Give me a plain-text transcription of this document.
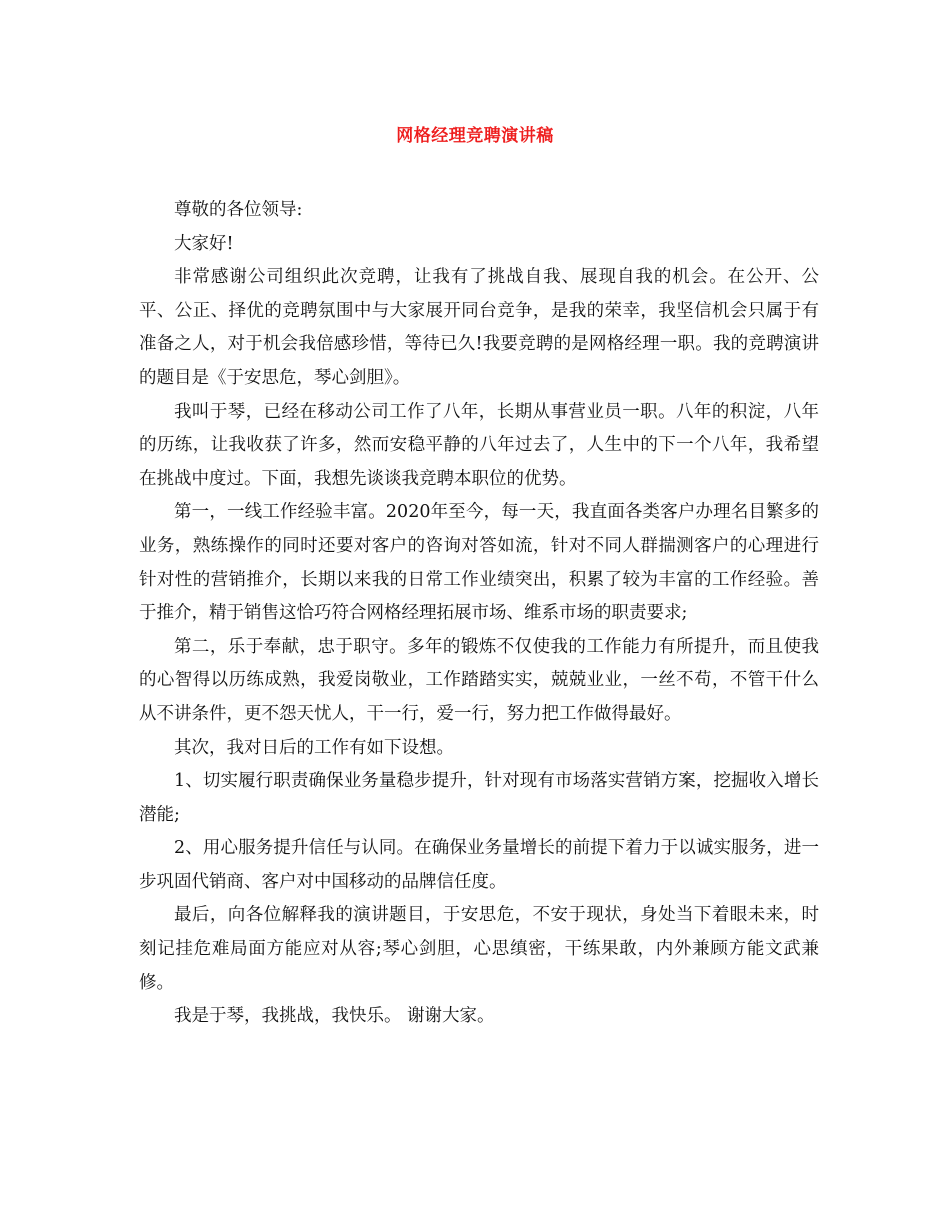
网格经理竞聘演讲稿

尊敬的各位领导:

大家好!

非常感谢公司组织此次竞聘，让我有了挑战自我、展现自我的机会。在公开、公平、公正、择优的竞聘氛围中与大家展开同台竞争，是我的荣幸，我坚信机会只属于有准备之人，对于机会我倍感珍惜，等待已久!我要竞聘的是网格经理一职。我的竞聘演讲的题目是《于安思危，琴心剑胆》。

我叫于琴，已经在移动公司工作了八年，长期从事营业员一职。八年的积淀，八年的历练，让我收获了许多，然而安稳平静的八年过去了，人生中的下一个八年，我希望在挑战中度过。下面，我想先谈谈我竞聘本职位的优势。

第一，一线工作经验丰富。2020年至今，每一天，我直面各类客户办理名目繁多的业务，熟练操作的同时还要对客户的咨询对答如流，针对不同人群揣测客户的心理进行针对性的营销推介，长期以来我的日常工作业绩突出，积累了较为丰富的工作经验。善于推介，精于销售这恰巧符合网格经理拓展市场、维系市场的职责要求;

第二，乐于奉献，忠于职守。多年的锻炼不仅使我的工作能力有所提升，而且使我的心智得以历练成熟，我爱岗敬业，工作踏踏实实，兢兢业业，一丝不苟，不管干什么从不讲条件，更不怨天忧人，干一行，爱一行，努力把工作做得最好。

其次，我对日后的工作有如下设想。

1、切实履行职责确保业务量稳步提升，针对现有市场落实营销方案，挖掘收入增长潜能;

2、用心服务提升信任与认同。在确保业务量增长的前提下着力于以诚实服务，进一步巩固代销商、客户对中国移动的品牌信任度。

最后，向各位解释我的演讲题目，于安思危，不安于现状，身处当下着眼未来，时刻记挂危难局面方能应对从容;琴心剑胆，心思缜密，干练果敢，内外兼顾方能文武兼修。

我是于琴，我挑战，我快乐。 谢谢大家。
